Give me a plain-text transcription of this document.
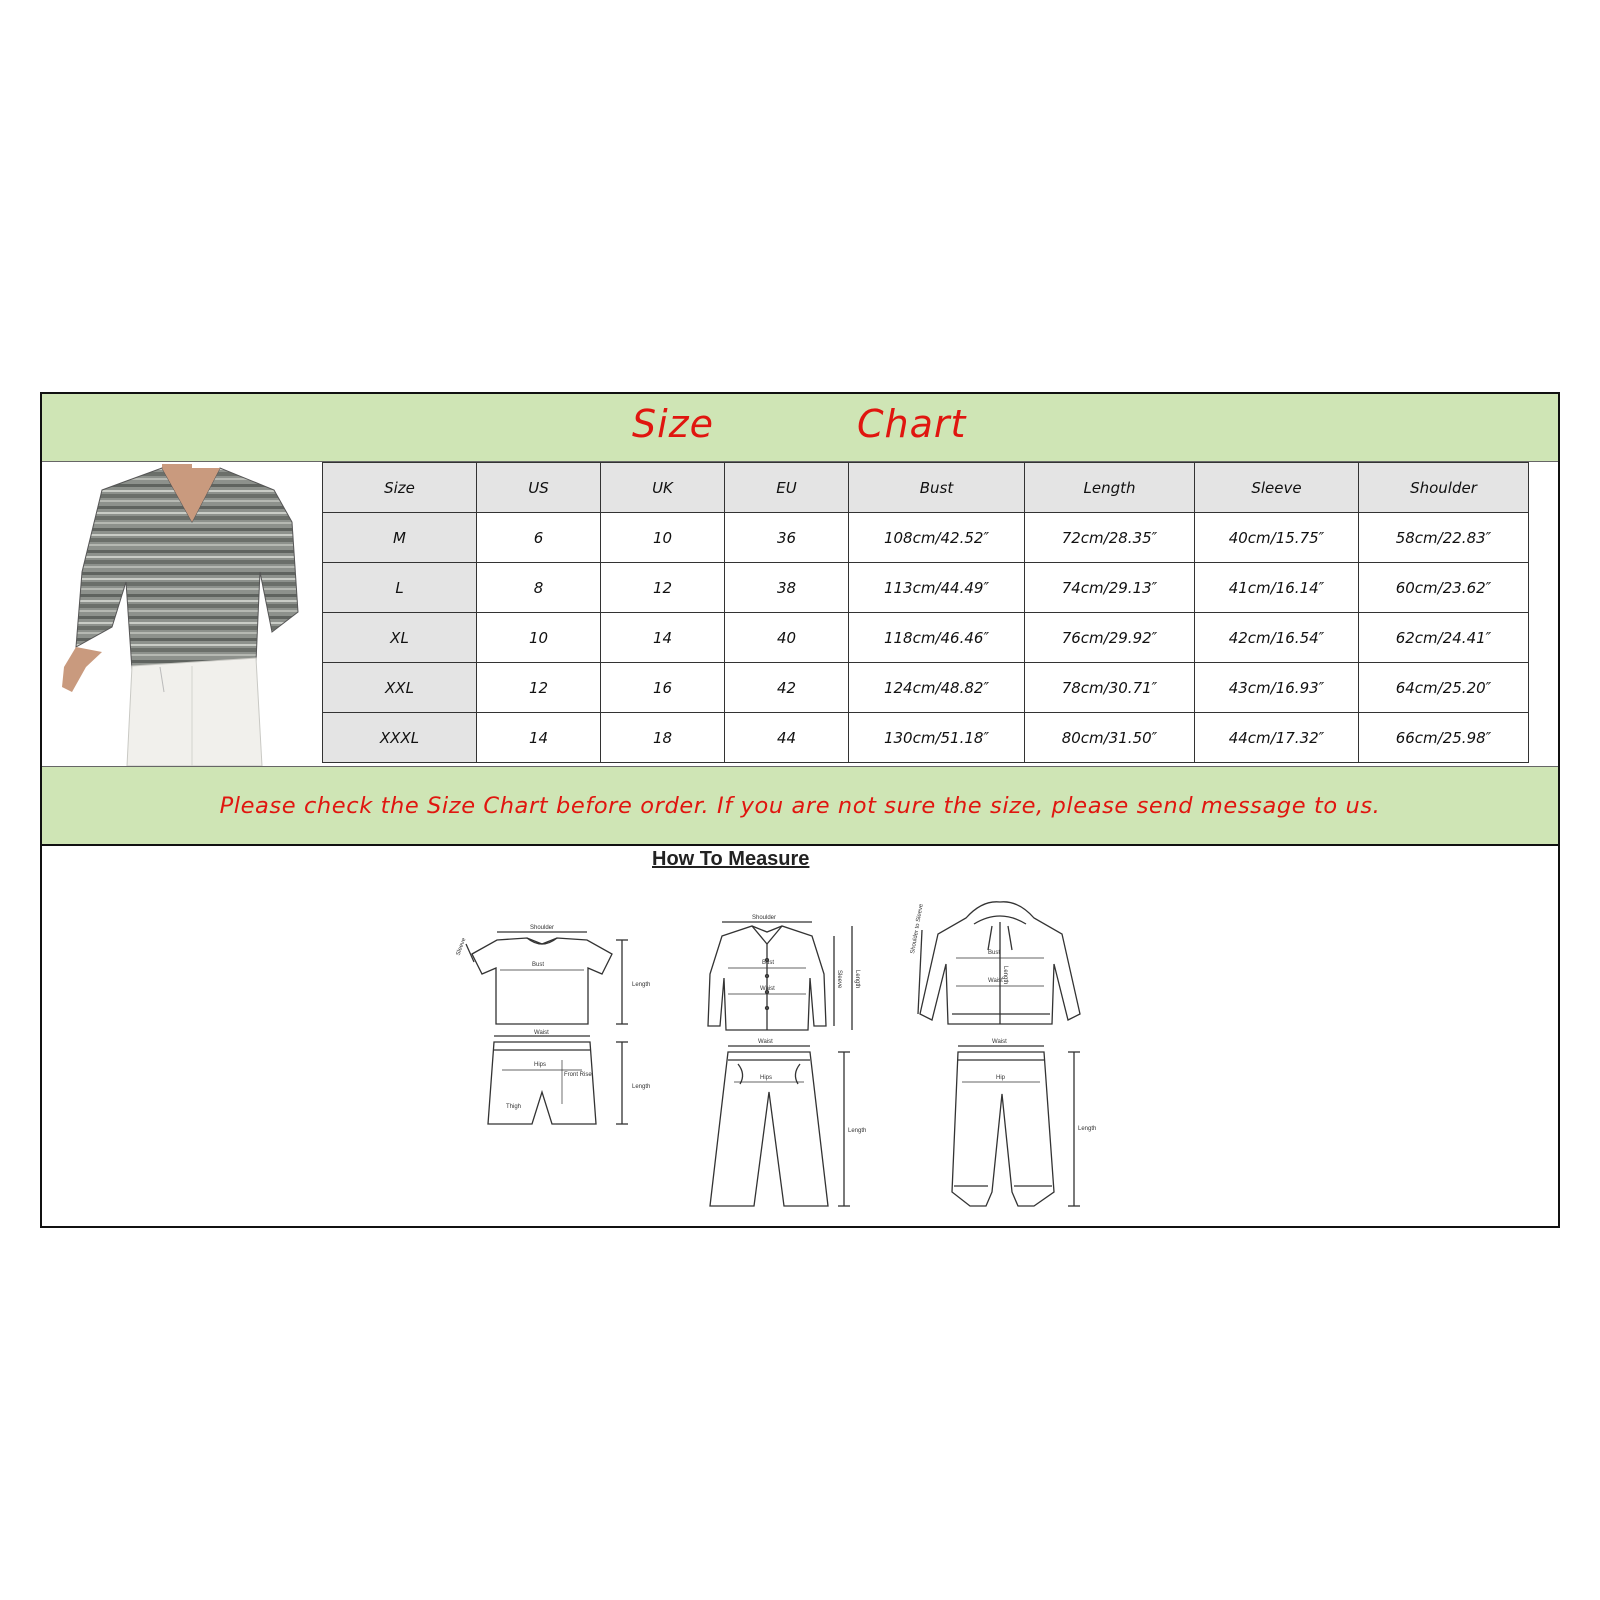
Size	Chart
Size	US	UK	EU	Bust	Length	Sleeve	Shoulder
M	6	10	36	108cm/42.52″	72cm/28.35″	40cm/15.75″	58cm/22.83″
L	8	12	38	113cm/44.49″	74cm/29.13″	41cm/16.14″	60cm/23.62″
XL	10	14	40	118cm/46.46″	76cm/29.92″	42cm/16.54″	62cm/24.41″
XXL	12	16	42	124cm/48.82″	78cm/30.71″	43cm/16.93″	64cm/25.20″
XXXL	14	18	44	130cm/51.18″	80cm/31.50″	44cm/17.32″	66cm/25.98″
Please check the Size Chart before order. If you are not sure the size, please send message to us.
How To Measure
Shoulder
Bust
Length
Sleeve
Waist
Hips
Front Rise
Thigh
Length
Shoulder
Bust
Waist
Sleeve Length
Waist
Hips
Length
Bust
Waist Length
Shoulder to Sleeve
Waist
Hip
Length
